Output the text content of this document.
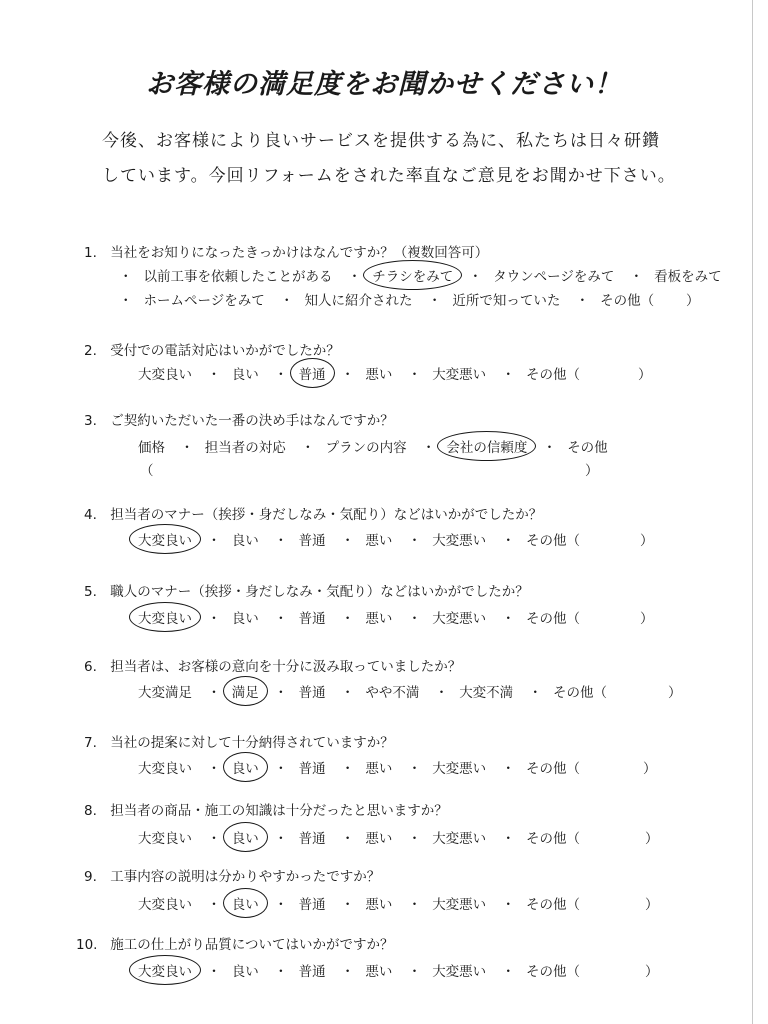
お客様の満足度をお聞かせください！
今後、お客様により良いサービスを提供する為に、私たちは日々研鑽
しています。今回リフォームをされた率直なご意見をお聞かせ下さい。
1. 当社をお知りになったきっかけはなんですか？（複数回答可）
・ 以前工事を依頼したことがある ・ チラシをみて ・ タウンページをみて ・ 看板をみて
・ ホームページをみて ・ 知人に紹介された ・ 近所で知っていた ・ その他（ ）
2. 受付での電話対応はいかがでしたか？
大変良い ・ 良い ・ 普通 ・ 悪い ・ 大変悪い ・ その他（	）
3. ご契約いただいた一番の決め手はなんですか？
価格 ・ 担当者の対応 ・ プランの内容 ・ 会社の信頼度 ・ その他
（	）
4. 担当者のマナー（挨拶・身だしなみ・気配り）などはいかがでしたか？
大変良い ・ 良い ・ 普通 ・ 悪い ・ 大変悪い ・ その他（	）
5. 職人のマナー（挨拶・身だしなみ・気配り）などはいかがでしたか？
大変良い ・ 良い ・ 普通 ・ 悪い ・ 大変悪い ・ その他（	）
6. 担当者は、お客様の意向を十分に汲み取っていましたか？
大変満足 ・ 満足 ・ 普通 ・ やや不満 ・ 大変不満 ・ その他（	）
7. 当社の提案に対して十分納得されていますか？
大変良い ・ 良い ・ 普通 ・ 悪い ・ 大変悪い ・ その他（	）
8. 担当者の商品・施工の知識は十分だったと思いますか？
大変良い ・ 良い ・ 普通 ・ 悪い ・ 大変悪い ・ その他（	）
9. 工事内容の説明は分かりやすかったですか？
大変良い ・ 良い ・ 普通 ・ 悪い ・ 大変悪い ・ その他（	）
10. 施工の仕上がり品質についてはいかがですか？
大変良い ・ 良い ・ 普通 ・ 悪い ・ 大変悪い ・ その他（	）
